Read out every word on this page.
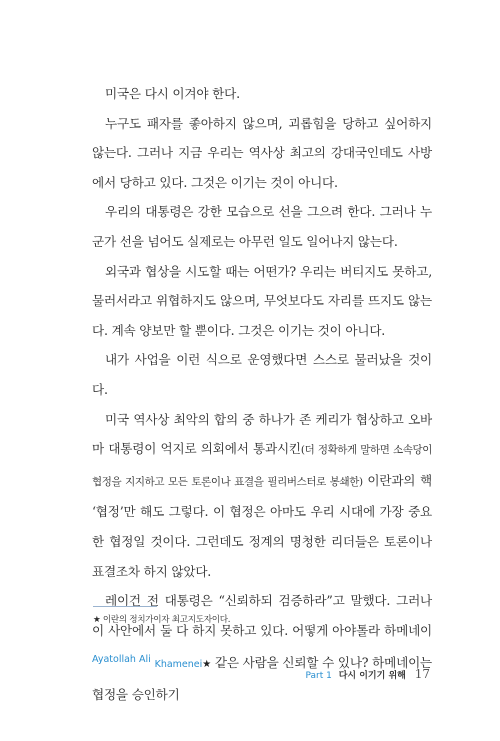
미국은 다시 이겨야 한다.

누구도 패자를 좋아하지 않으며, 괴롭힘을 당하고 싶어하지 않는다. 그러나 지금 우리는 역사상 최고의 강대국인데도 사방에서 당하고 있다. 그것은 이기는 것이 아니다.

우리의 대통령은 강한 모습으로 선을 그으려 한다. 그러나 누군가 선을 넘어도 실제로는 아무런 일도 일어나지 않는다.

외국과 협상을 시도할 때는 어떤가? 우리는 버티지도 못하고, 물러서라고 위협하지도 않으며, 무엇보다도 자리를 뜨지도 않는다. 계속 양보만 할 뿐이다. 그것은 이기는 것이 아니다.

내가 사업을 이런 식으로 운영했다면 스스로 물러났을 것이다.

미국 역사상 최악의 합의 중 하나가 존 케리가 협상하고 오바마 대통령이 억지로 의회에서 통과시킨(더 정확하게 말하면 소속당이 협정을 지지하고 모든 토론이나 표결을 필리버스터로 봉쇄한) 이란과의 핵 ‘협정’만 해도 그렇다. 이 협정은 아마도 우리 시대에 가장 중요한 협정일 것이다. 그런데도 정계의 명청한 리더들은 토론이나 표결조차 하지 않았다.

레이건 전 대통령은 “신뢰하되 검증하라”고 말했다. 그러나 이 사안에서 둘 다 하지 못하고 있다. 어떻게 아야톨라 하메네이$^{Ayatollah Ali}$ Khamenei★ 같은 사람을 신뢰할 수 있나? 하메네이는 협정을 승인하기

★ 이란의 정치가이자 최고지도자이다.
Part 1 다시 이기기 위해 17
